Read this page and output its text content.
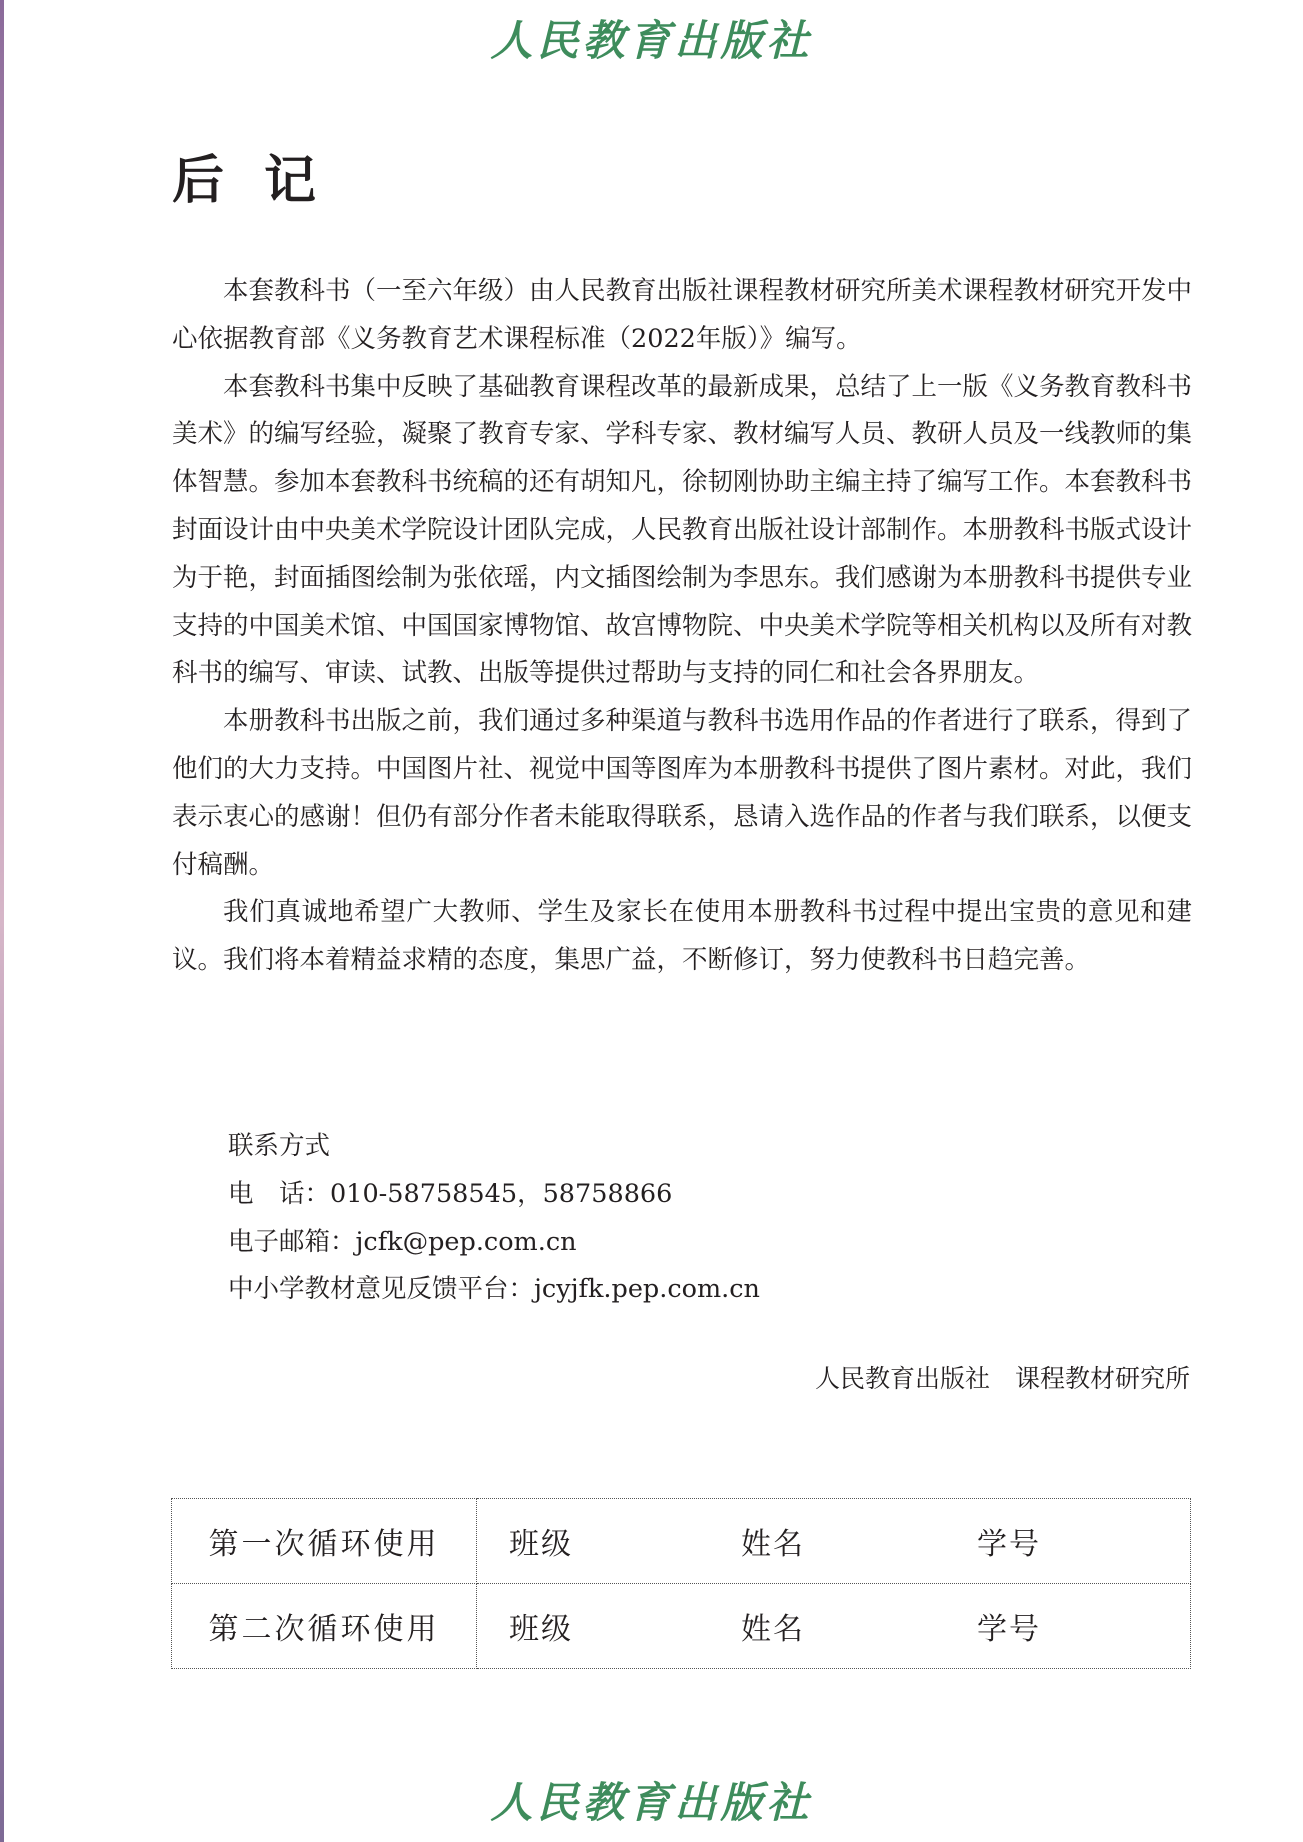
人民教育出版社
后记

本套教科书（一至六年级）由人民教育出版社课程教材研究所美术课程教材研究开发中心依据教育部《义务教育艺术课程标准（2022年版）》编写。

本套教科书集中反映了基础教育课程改革的最新成果，总结了上一版《义务教育教科书　美术》的编写经验，凝聚了教育专家、学科专家、教材编写人员、教研人员及一线教师的集体智慧。参加本套教科书统稿的还有胡知凡，徐韧刚协助主编主持了编写工作。本套教科书封面设计由中央美术学院设计团队完成，人民教育出版社设计部制作。本册教科书版式设计为于艳，封面插图绘制为张依瑶，内文插图绘制为李思东。我们感谢为本册教科书提供专业支持的中国美术馆、中国国家博物馆、故宫博物院、中央美术学院等相关机构以及所有对教科书的编写、审读、试教、出版等提供过帮助与支持的同仁和社会各界朋友。

本册教科书出版之前，我们通过多种渠道与教科书选用作品的作者进行了联系，得到了他们的大力支持。中国图片社、视觉中国等图库为本册教科书提供了图片素材。对此，我们表示衷心的感谢！但仍有部分作者未能取得联系，恳请入选作品的作者与我们联系，以便支付稿酬。

我们真诚地希望广大教师、学生及家长在使用本册教科书过程中提出宝贵的意见和建议。我们将本着精益求精的态度，集思广益，不断修订，努力使教科书日趋完善。

联系方式
电　话：010-58758545，58758866
电子邮箱：jcfk@pep.com.cn
中小学教材意见反馈平台：jcyjfk.pep.com.cn
人民教育出版社　课程教材研究所
第一次循环使用	班级 姓名 学号

第二次循环使用	班级 姓名 学号
人民教育出版社
